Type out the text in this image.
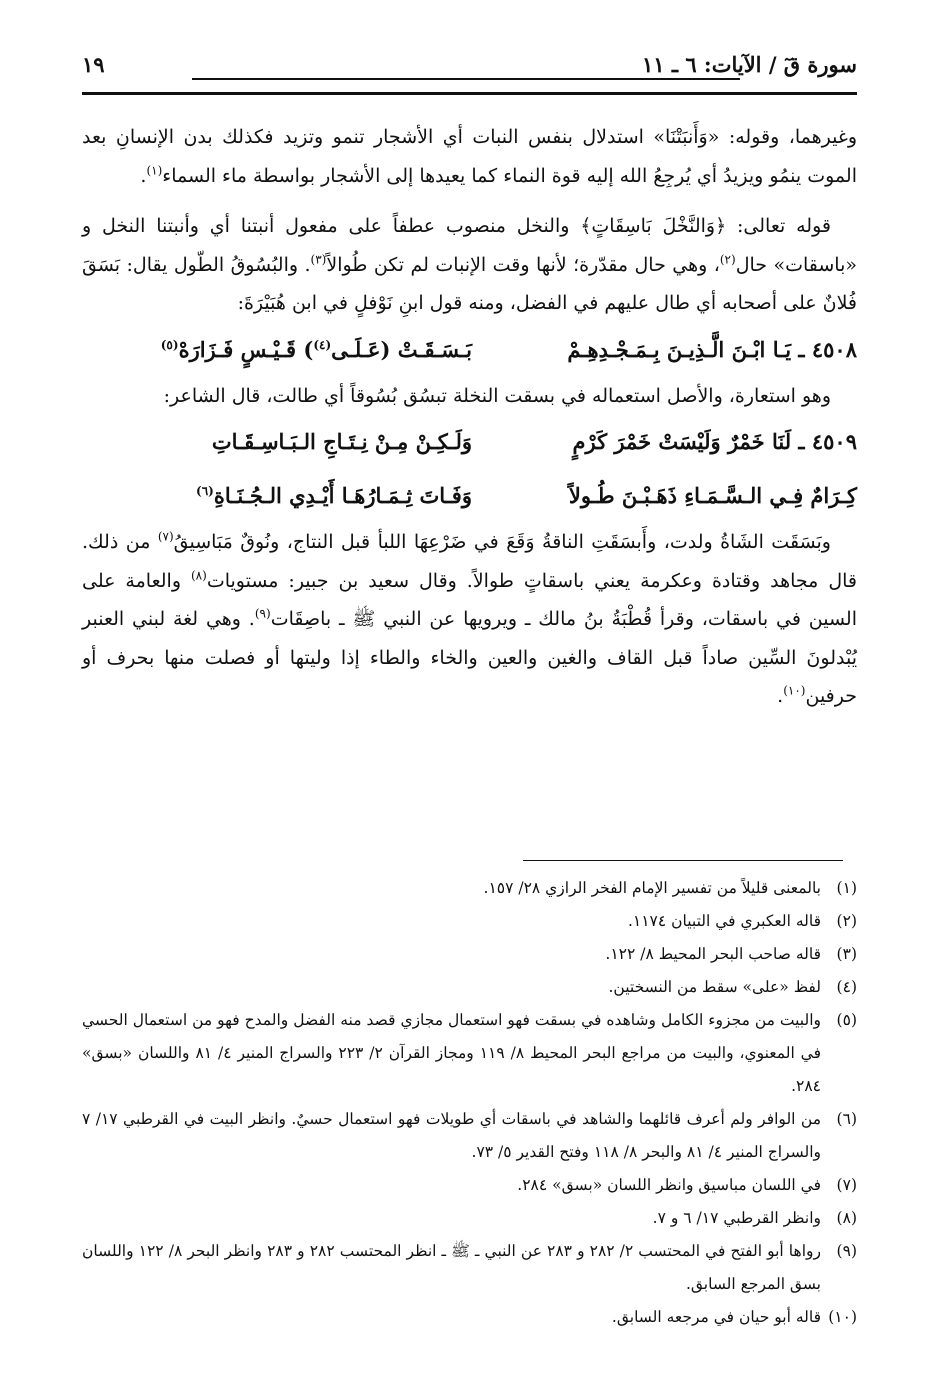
سورة قٓ / الآيات: ٦ ـ ١١
١٩

وغيرهما، وقوله: «وَأَنبَتْنَا» استدلال بنفس النبات أي الأشجار تنمو وتزيد فكذلك بدن الإنسانِ بعد الموت ينمُو ويزيدُ أي يُرجِعُ الله إليه قوة النماء كما يعيدها إلى الأشجار بواسطة ماء السماء$^{(١)}$.

قوله تعالى: ﴿وَالنَّخْلَ بَاسِقَاتٍ﴾ والنخل منصوب عطفاً على مفعول أنبتنا أي وأنبتنا النخل و «باسقات» حال$^{(٢)}$، وهي حال مقدّرة؛ لأنها وقت الإنبات لم تكن طُوالاً$^{(٣)}$. والبُسُوقُ الطّول يقال: بَسَقَ فُلانٌ على أصحابه أي طال عليهم في الفضل، ومنه قول ابنِ نَوْفلٍ في ابن هُبَيْرَةَ:

٤٥٠٨ ـ يَـا ابْـنَ الَّـذِيـنَ بِـمَـجْـدِهِـمْ
بَـسَـقَـتْ (عَـلَـى$^{(٤)}$) قَـيْـسٍ فَـزَارَهْ$^{(٥)}$

وهو استعارة، والأصل استعماله في بسقت النخلة تبسُق بُسُوقاً أي طالت، قال الشاعر:

٤٥٠٩ ـ لَنَا خَمْرٌ وَلَيْسَتْ خَمْرَ كَرْمٍ
وَلَـكِـنْ مِـنْ نِـتَـاجِ الـبَـاسِـقَـاتِ
كِـرَامٌ فِـي الـسَّـمَـاءِ ذَهَـبْـنَ طُـولاً
وَفَـاتَ ثِـمَـارُهَـا أَيْـدِي الـجُـنَـاةِ$^{(٦)}$

وبَسَقَت الشَاةُ ولدت، وأَبسَقَتِ الناقةُ وَقَعَ في ضَرْعِهَا اللبأ قبل النتاج، ونُوقٌ مَبَاسِيقُ$^{(٧)}$ من ذلك. قال مجاهد وقتادة وعكرمة يعني باسقاتٍ طوالاً. وقال سعيد بن جبير: مستويات$^{(٨)}$ والعامة على السين في باسقات، وقرأ قُطْبَةُ بنُ مالك ـ ويرويها عن النبي ﷺ ـ باصِقَات$^{(٩)}$. وهي لغة لبني العنبر يُبْدلونَ السِّين صاداً قبل القاف والغين والعين والخاء والطاء إذا وليتها أو فصلت منها بحرف أو حرفين$^{(١٠)}$.

(١)
بالمعنى قليلاً من تفسير الإمام الفخر الرازي ٢٨/ ١٥٧.

(٢)
قاله العكبري في التبيان ١١٧٤.

(٣)
قاله صاحب البحر المحيط ٨/ ١٢٢.

(٤)
لفظ «على» سقط من النسختين.

(٥)
والبيت من مجزوء الكامل وشاهده في بسقت فهو استعمال مجازي قصد منه الفضل والمدح فهو من استعمال الحسي في المعنوي، والبيت من مراجع البحر المحيط ٨/ ١١٩ ومجاز القرآن ٢/ ٢٢٣ والسراج المنير ٤/ ٨١ واللسان «بسق» ٢٨٤.

(٦)
من الوافر ولم أعرف قائلهما والشاهد في باسقات أي طويلات فهو استعمال حسيٌ. وانظر البيت في القرطبي ١٧/ ٧ والسراج المنير ٤/ ٨١ والبحر ٨/ ١١٨ وفتح القدير ٥/ ٧٣.

(٧)
في اللسان مباسيق وانظر اللسان «بسق» ٢٨٤.

(٨)
وانظر القرطبي ١٧/ ٦ و ٧.

(٩)
رواها أبو الفتح في المحتسب ٢/ ٢٨٢ و ٢٨٣ عن النبي ـ ﷺ ـ انظر المحتسب ٢٨٢ و ٢٨٣ وانظر البحر ٨/ ١٢٢ واللسان بسق المرجع السابق.

(١٠)
قاله أبو حيان في مرجعه السابق.
